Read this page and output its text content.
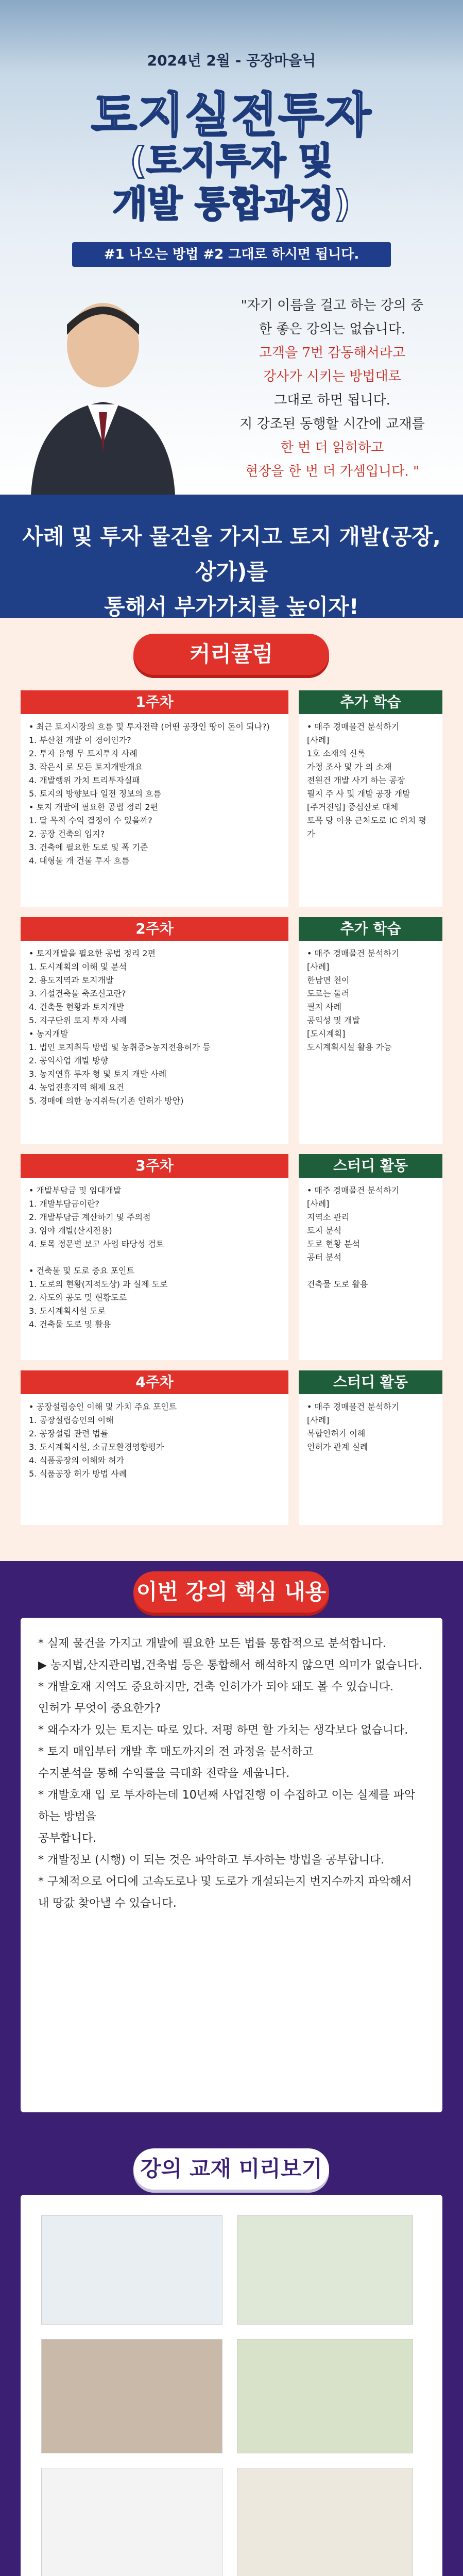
2024년 2월 - 공장마을닉
토지실전투자
(토지투자 및
개발 통합과정)
#1 나오는 방법 #2 그대로 하시면 됩니다.
"자기 이름을 걸고 하는 강의 중
한 좋은 강의는 없습니다.
고객을 7번 감동해서라고
강사가 시키는 방법대로
그대로 하면 됩니다.
지 강조된 동행할 시간에 교재를
한 번 더 읽히하고
현장을 한 번 더 가셈입니다. "
사례 및 투자 물건을 가지고 토지 개발(공장, 상가)를
통해서 부가가치를 높이자!
커리큘럼
1주차
• 최근 토지시장의 흐름 및 투자전략 (어떤 공장인 땅이 돈이 되나?)
1. 부산천 개발 이 경이인가?
2. 투자 유행 무 토지투자 사례
3. 작은시 로 모든 토지개발개요
4. 개발행위 가치 트리투자실패
5. 토지의 방향보다 일전 정보의 흐름
• 토지 개발에 필요한 공법 정리 2편
1. 달 목적 수익 결정이 수 있을까?
2. 공장 건축의 입지?
3. 건축에 필요한 도로 및 폭 기준
4. 대형물 개 건물 투자 흐름
추가 학습
• 매주 경매물건 분석하기
[사례]
1호 소재의 신록
가정 조사 및 가 의 소재
전원건 개발 사기 하는 공장
필지 주 사 및 개발 공장 개발
[주거진입] 중심산로 대체
토목 당 이용 근처도로 IC 위치 평가
2주차
• 토지개발을 필요한 공법 정리 2편
1. 도시계획의 이해 및 분석
2. 용도지역과 토지개발
3. 가설건축물 축조신고란?
4. 건축물 현황과 토지개발
5. 지구단위 토지 투자 사례
• 농지개발
1. 법인 토지취득 방법 및 농취증>농지전용허가 등
2. 공익사업 개발 방향
3. 농지연휴 투자 형 및 토지 개발 사례
4. 농업진흥지역 해제 요건
5. 경매에 의한 농지취득(기존 인허가 방안)
추가 학습
• 매주 경매물건 분석하기
[사례]
한남면 천이
도로는 둘러
필지 사례
공익성 및 개발
[도시계획]
도시계획시설 활용 가능
3주차
• 개발부담금 및 임대개발
1. 개발부담금이란?
2. 개발부담금 계산하기 및 주의점
3. 임야 개발(산지전용)
4. 토목 정문별 보고 사업 타당성 검토

• 건축물 및 도로 중요 포인트
1. 도로의 현황(지적도상) 과 실제 도로
2. 사도와 공도 및 현황도로
3. 도시계획시설 도로
4. 건축물 도로 및 활용
스터디 활동
• 매주 경매물건 분석하기
[사례]
지역소 관리
토지 분석
도로 현황 분석
공터 분석

건축물 도로 활용
4주차
• 공장설립승인 이해 및 가치 주요 포인트
1. 공장설립승인의 이해
2. 공장설립 관련 법률
3. 도시계획시설, 소규모환경영향평가
4. 식품공장의 이해와 허가
5. 식품공장 허가 방법 사례
스터디 활동
• 매주 경매물건 분석하기
[사례]
복합인허가 이해
인허가 관계 실례
이번 강의 핵심 내용
* 실제 물건을 가지고 개발에 필요한 모든 법률 통합적으로 분석합니다.
▶ 농지법,산지관리법,건축법 등은 통합해서 해석하지 않으면 의미가 없습니다.
* 개발호재 지역도 중요하지만, 건축 인허가가 되야 돼도 볼 수 있습니다.
인허가 무엇이 중요한가?
* 왜수자가 있는 토지는 따로 있다. 저평 하면 할 가치는 생각보다 없습니다.
* 토지 매입부터 개발 후 매도까지의 전 과정을 분석하고
수지분석을 통해 수익률을 극대화 전략을 세웁니다.
* 개발호재 입 로 투자하는데 10년째 사업진행 이 수집하고 이는 실제를 파악하는 방법을
공부합니다.
* 개발정보 (시행) 이 되는 것은 파악하고 투자하는 방법을 공부합니다.
* 구체적으로 어디에 고속도로나 및 도로가 개설되는지 번지수까지 파악해서
내 땅값 찾아낼 수 있습니다.
강의 교재 미리보기
